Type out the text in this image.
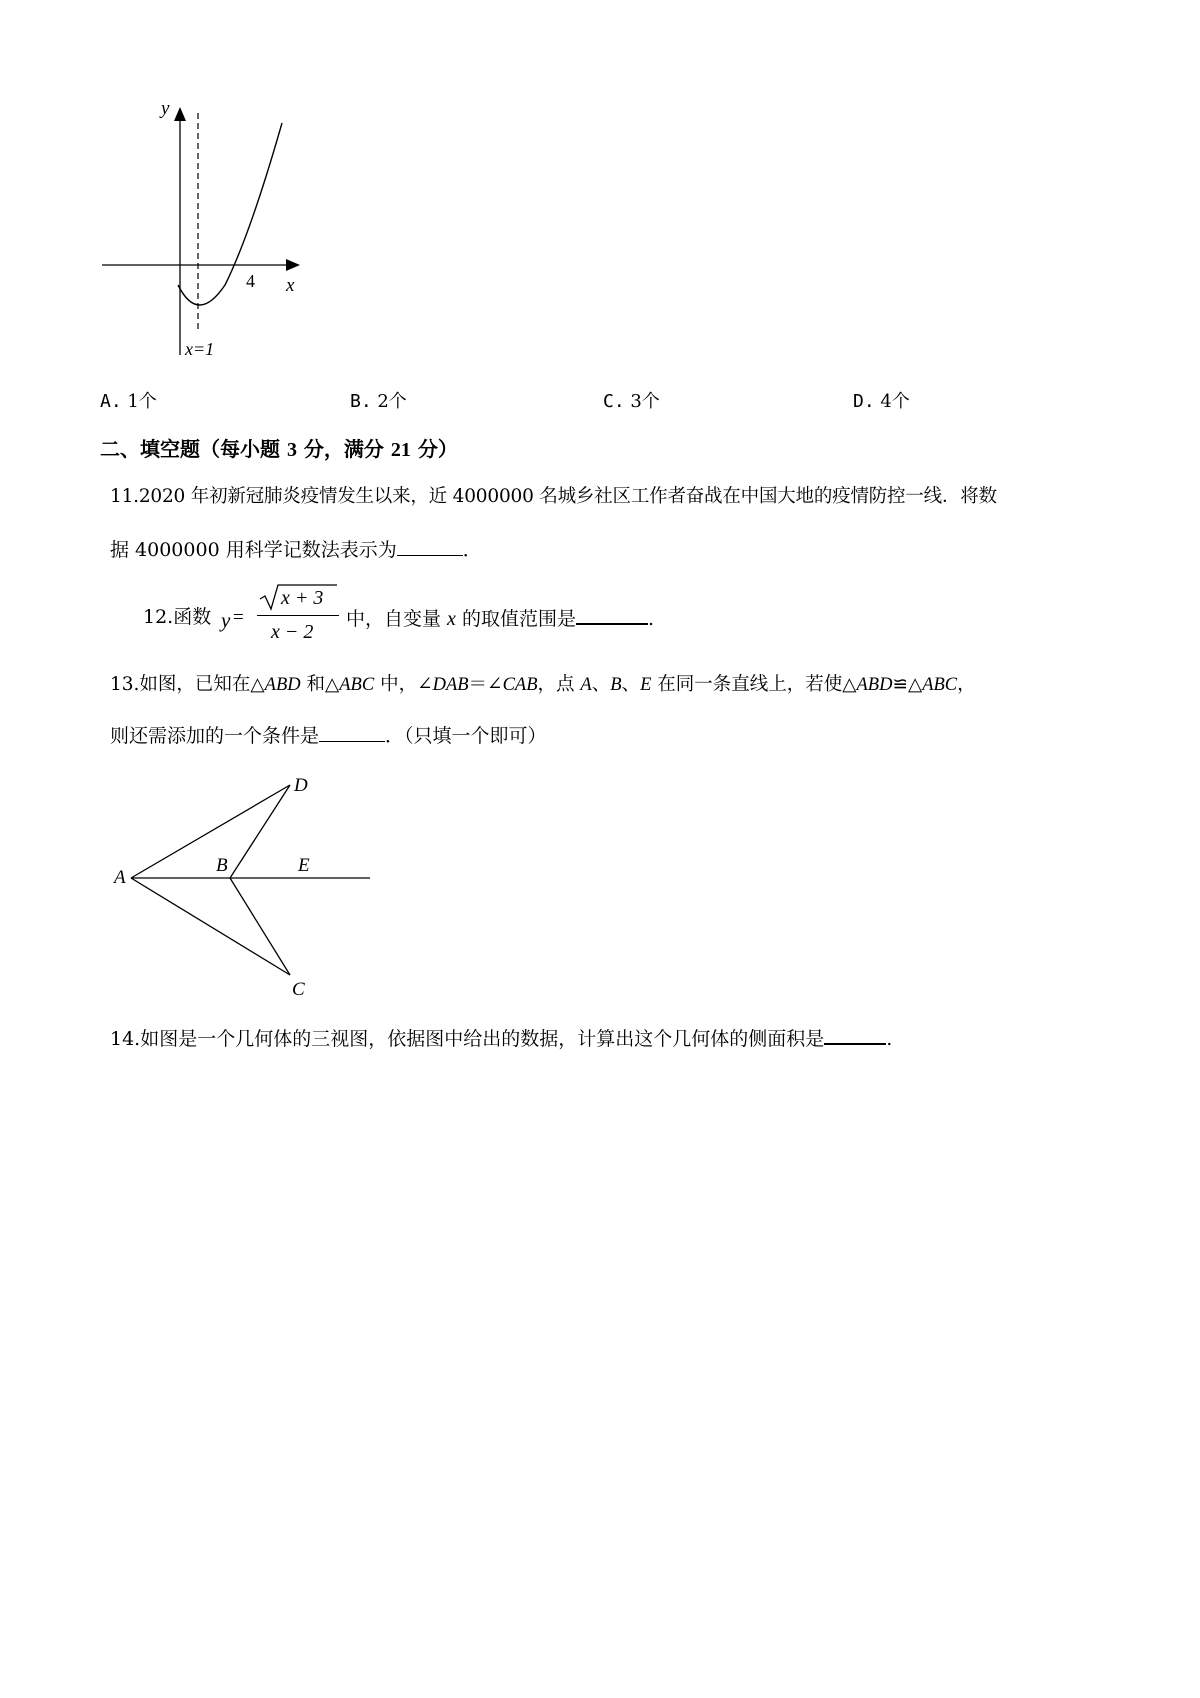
y
x
4
x=1
A. 1个	B. 2个	C. 3个	D. 4个
二、填空题（每小题 3 分，满分 21 分）
11.2020 年初新冠肺炎疫情发生以来，近 4000000 名城乡社区工作者奋战在中国大地的疫情防控一线．将数
据 4000000 用科学记数法表示为	．
12.函数 y =
x + 3
x − 2
中，自变量 x 的取值范围是	.
13.如图，已知在△ABD 和△ABC 中，∠DAB＝∠CAB，点 A、B、E 在同一条直线上，若使△ABD≌△ABC，
则还需添加的一个条件是	．（只填一个即可）
A
B	E
D
C
14.如图是一个几何体的三视图，依据图中给出的数据，计算出这个几何体的侧面积是	.
